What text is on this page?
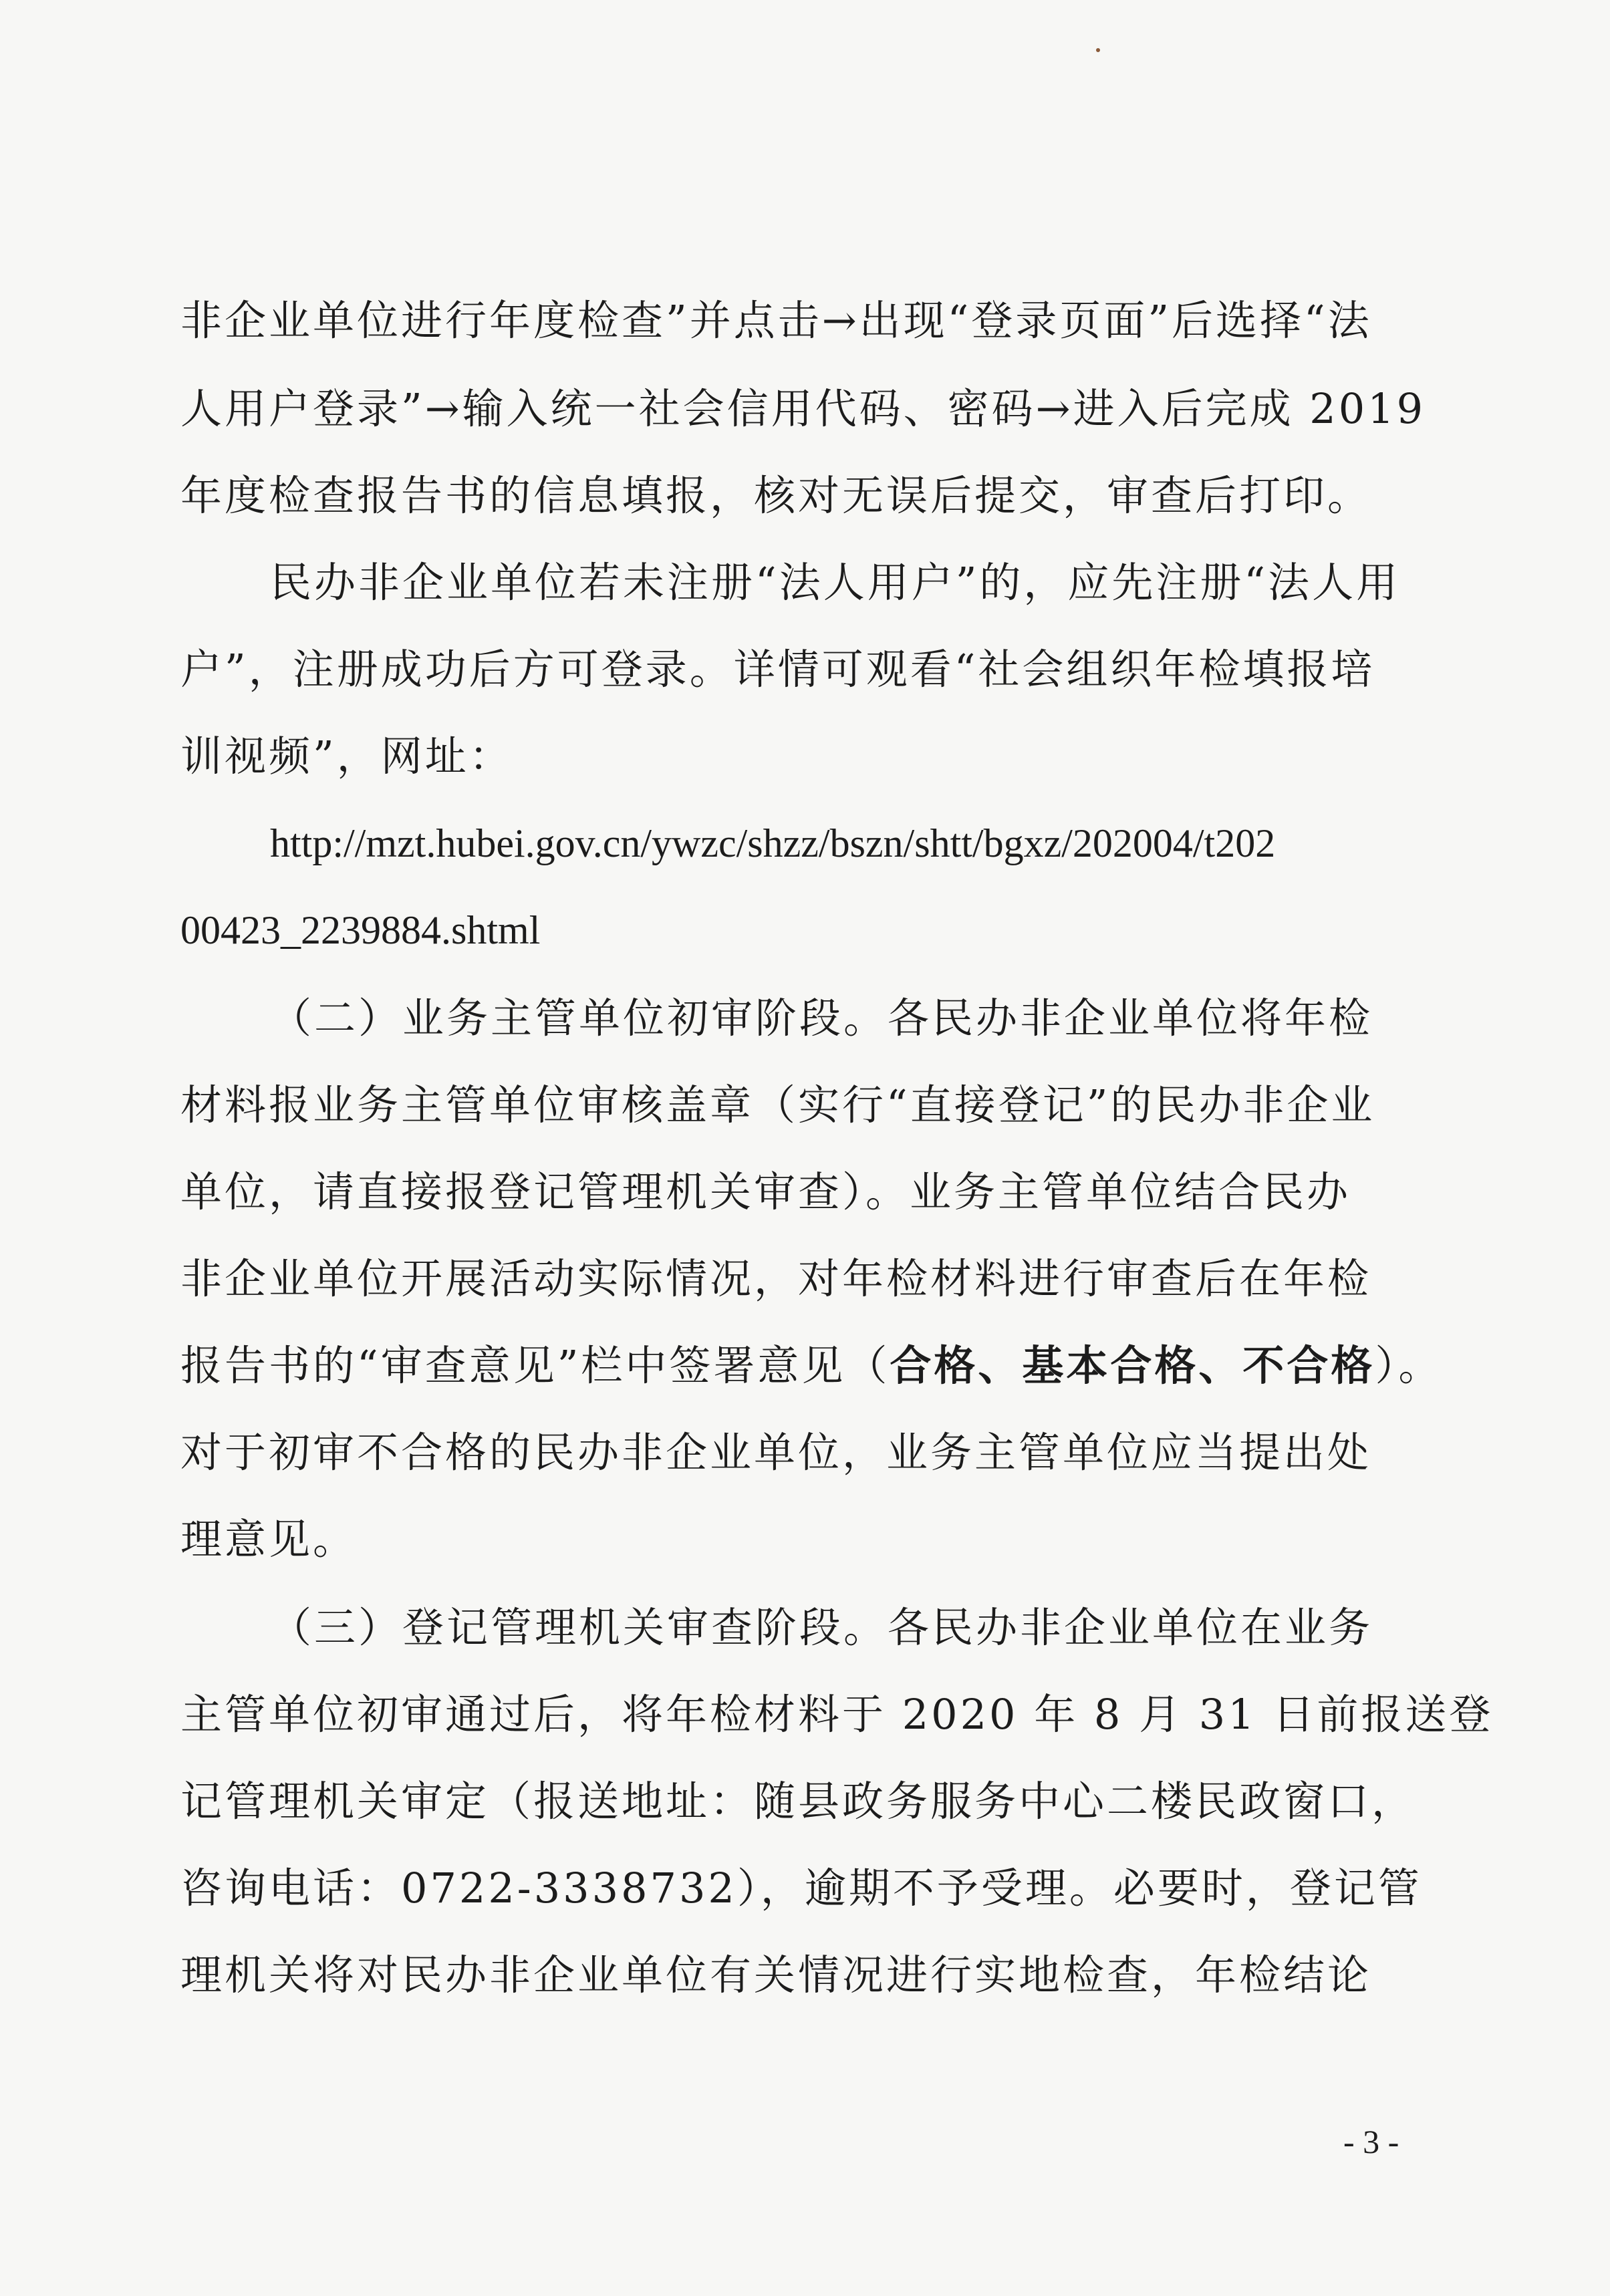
非企业单位进行年度检查”并点击→出现“登录页面”后选择“法
人用户登录”→输入统一社会信用代码、密码→进入后完成 2019
年度检查报告书的信息填报，核对无误后提交，审查后打印。
民办非企业单位若未注册“法人用户”的，应先注册“法人用
户”，注册成功后方可登录。详情可观看“社会组织年检填报培
训视频”，网址：
http://mzt.hubei.gov.cn/ywzc/shzz/bszn/shtt/bgxz/202004/t202
00423_2239884.shtml
（二）业务主管单位初审阶段。各民办非企业单位将年检
材料报业务主管单位审核盖章（实行“直接登记”的民办非企业
单位，请直接报登记管理机关审查）。业务主管单位结合民办
非企业单位开展活动实际情况，对年检材料进行审查后在年检
报告书的“审查意见”栏中签署意见（合格、基本合格、不合格）。
对于初审不合格的民办非企业单位，业务主管单位应当提出处
理意见。
（三）登记管理机关审查阶段。各民办非企业单位在业务
主管单位初审通过后，将年检材料于 2020 年 8 月 31 日前报送登
记管理机关审定（报送地址：随县政务服务中心二楼民政窗口，
咨询电话：0722-3338732），逾期不予受理。必要时，登记管
理机关将对民办非企业单位有关情况进行实地检查，年检结论
- 3 -
